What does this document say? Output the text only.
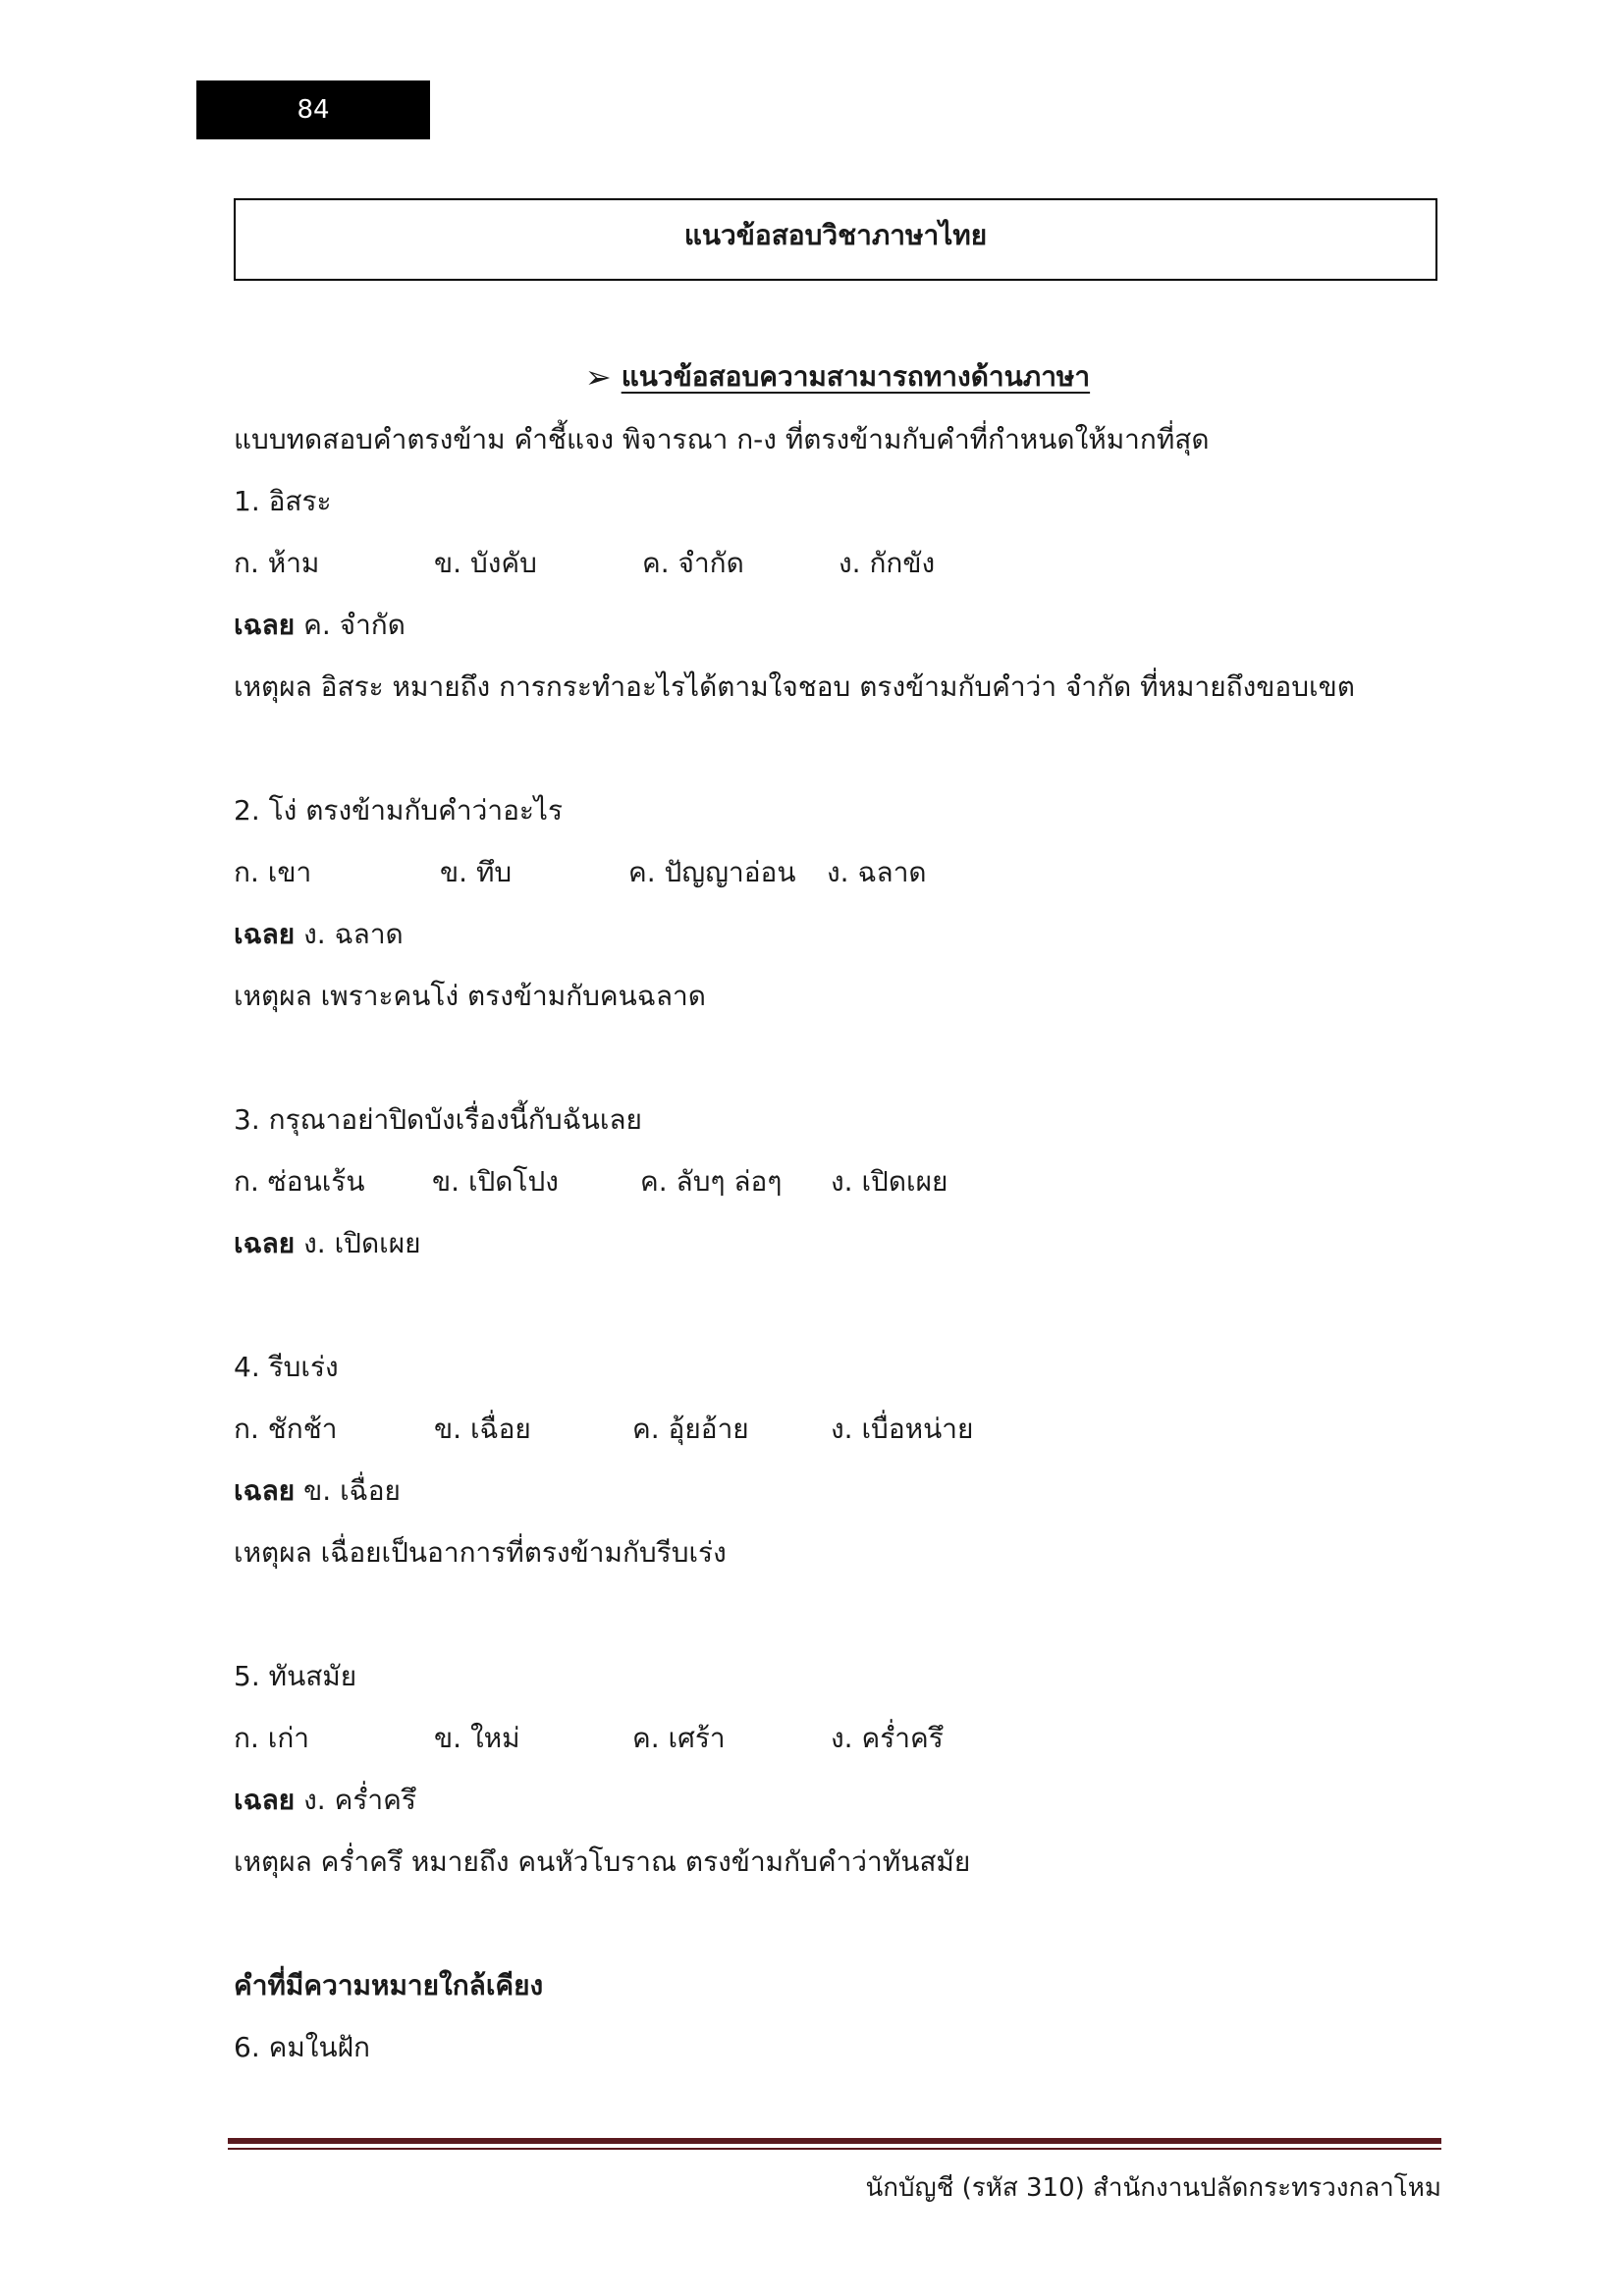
84
แนวข้อสอบวิชาภาษาไทย
➢ แนวข้อสอบความสามารถทางด้านภาษา
แบบทดสอบคำตรงข้าม คำชี้แจง พิจารณา ก-ง ที่ตรงข้ามกับคำที่กำหนดให้มากที่สุด
1. อิสระ
ก. ห้าม	ข. บังคับ	ค. จำกัด	ง. กักขัง
เฉลย ค. จำกัด
เหตุผล อิสระ หมายถึง การกระทำอะไรได้ตามใจชอบ ตรงข้ามกับคำว่า จำกัด ที่หมายถึงขอบเขต
2. โง่ ตรงข้ามกับคำว่าอะไร
ก. เขา	ข. ทึบ	ค. ปัญญาอ่อน	ง. ฉลาด
เฉลย ง. ฉลาด
เหตุผล เพราะคนโง่ ตรงข้ามกับคนฉลาด
3. กรุณาอย่าปิดบังเรื่องนี้กับฉันเลย
ก. ซ่อนเร้น	ข. เปิดโปง	ค. ลับๆ ล่อๆ	ง. เปิดเผย
เฉลย ง. เปิดเผย
4. รีบเร่ง
ก. ชักช้า	ข. เฉื่อย	ค. อุ้ยอ้าย	ง. เบื่อหน่าย
เฉลย ข. เฉื่อย
เหตุผล เฉื่อยเป็นอาการที่ตรงข้ามกับรีบเร่ง
5. ทันสมัย
ก. เก่า	ข. ใหม่	ค. เศร้า	ง. คร่ำครึ
เฉลย ง. คร่ำครึ
เหตุผล คร่ำครึ หมายถึง คนหัวโบราณ ตรงข้ามกับคำว่าทันสมัย
คำที่มีความหมายใกล้เคียง
6. คมในฝัก
นักบัญชี (รหัส 310) สำนักงานปลัดกระทรวงกลาโหม
